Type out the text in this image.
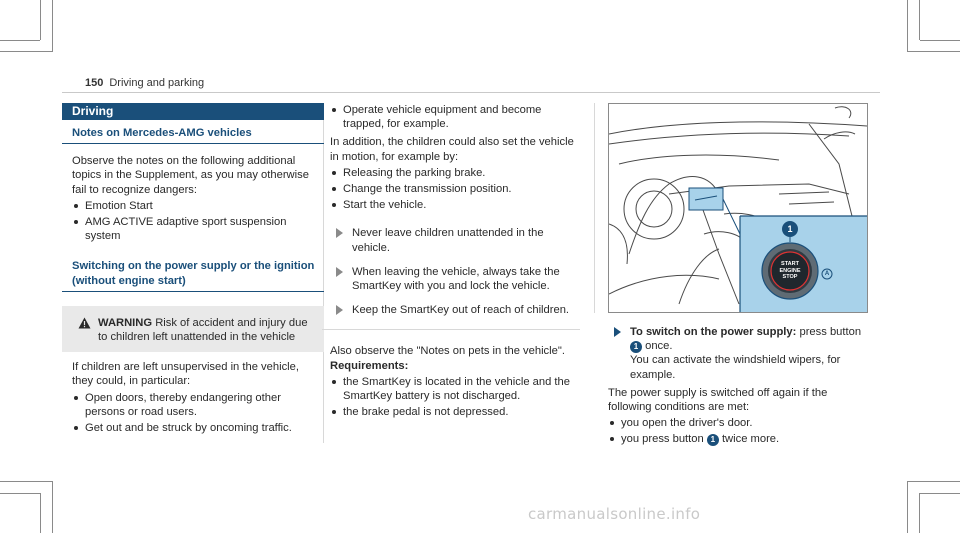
150 Driving and parking
Driving
Notes on Mercedes-AMG vehicles

Observe the notes on the following additional topics in the Supplement, as you may otherwise fail to recognize dangers:

Emotion Start
AMG ACTIVE adaptive sport suspension system
Switching on the power supply or the ignition (without engine start)
WARNING Risk of accident and injury due to children left unattended in the vehicle

If children are left unsupervised in the vehicle, they could, in particular:

Open doors, thereby endangering other persons or road users.
Get out and be struck by oncoming traffic.
Operate vehicle equipment and become trapped, for example.

In addition, the children could also set the vehicle in motion, for example by:

Releasing the parking brake.
Change the transmission position.
Start the vehicle.
Never leave children unattended in the vehicle.
When leaving the vehicle, always take the SmartKey with you and lock the vehicle.
Keep the SmartKey out of reach of children.

Also observe the "Notes on pets in the vehicle".

Requirements:

the SmartKey is located in the vehicle and the SmartKey battery is not discharged.
the brake pedal is not depressed.
1
START
ENGINE
STOP	A
To switch on the power supply: press button 1 once.
You can activate the windshield wipers, for example.

The power supply is switched off again if the following conditions are met:

you open the driver's door.
you press button 1 twice more.
carmanualsonline.info
